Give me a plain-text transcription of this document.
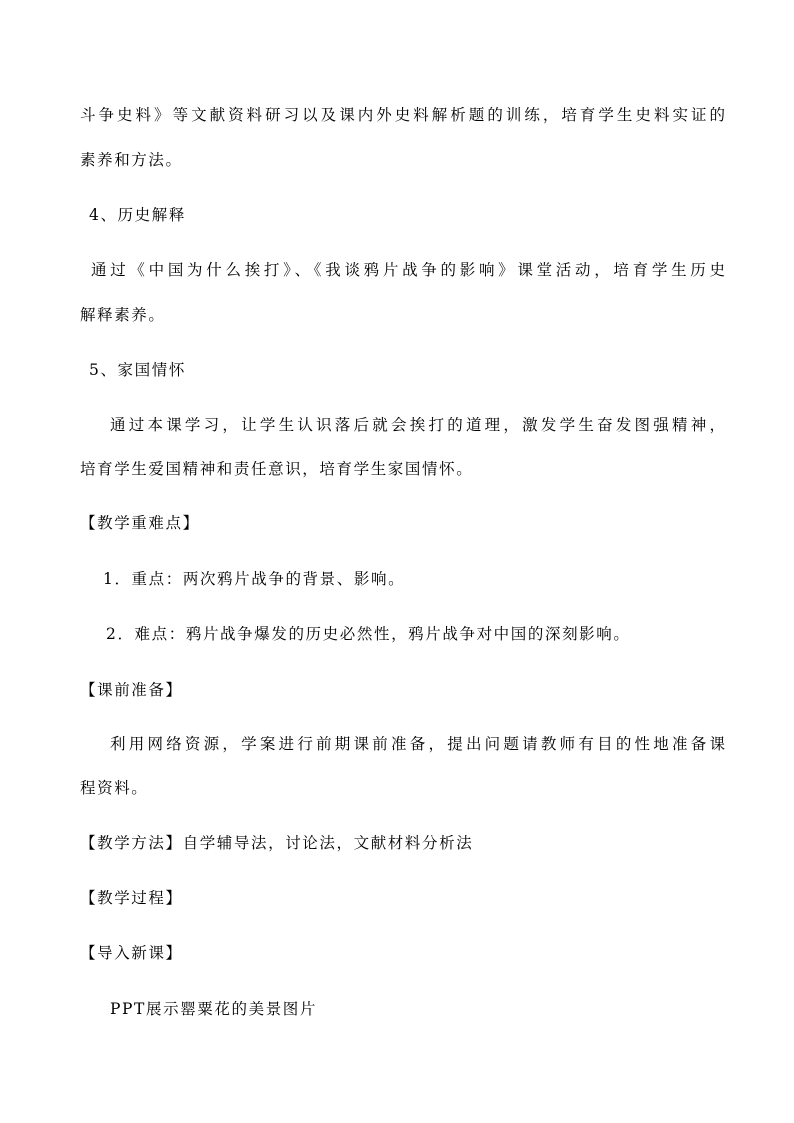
斗争史料》等文献资料研习以及课内外史料解析题的训练，培育学生史料实证的

素养和方法。

4、历史解释

通过《中国为什么挨打》、《我谈鸦片战争的影响》课堂活动，培育学生历史

解释素养。

5、家国情怀

通过本课学习，让学生认识落后就会挨打的道理，激发学生奋发图强精神，

培育学生爱国精神和责任意识，培育学生家国情怀。

【教学重难点】

1．重点：两次鸦片战争的背景、影响。

2．难点：鸦片战争爆发的历史必然性，鸦片战争对中国的深刻影响。

【课前准备】

利用网络资源，学案进行前期课前准备，提出问题请教师有目的性地准备课

程资料。

【教学方法】自学辅导法，讨论法，文献材料分析法

【教学过程】

【导入新课】

PPT展示罂粟花的美景图片
